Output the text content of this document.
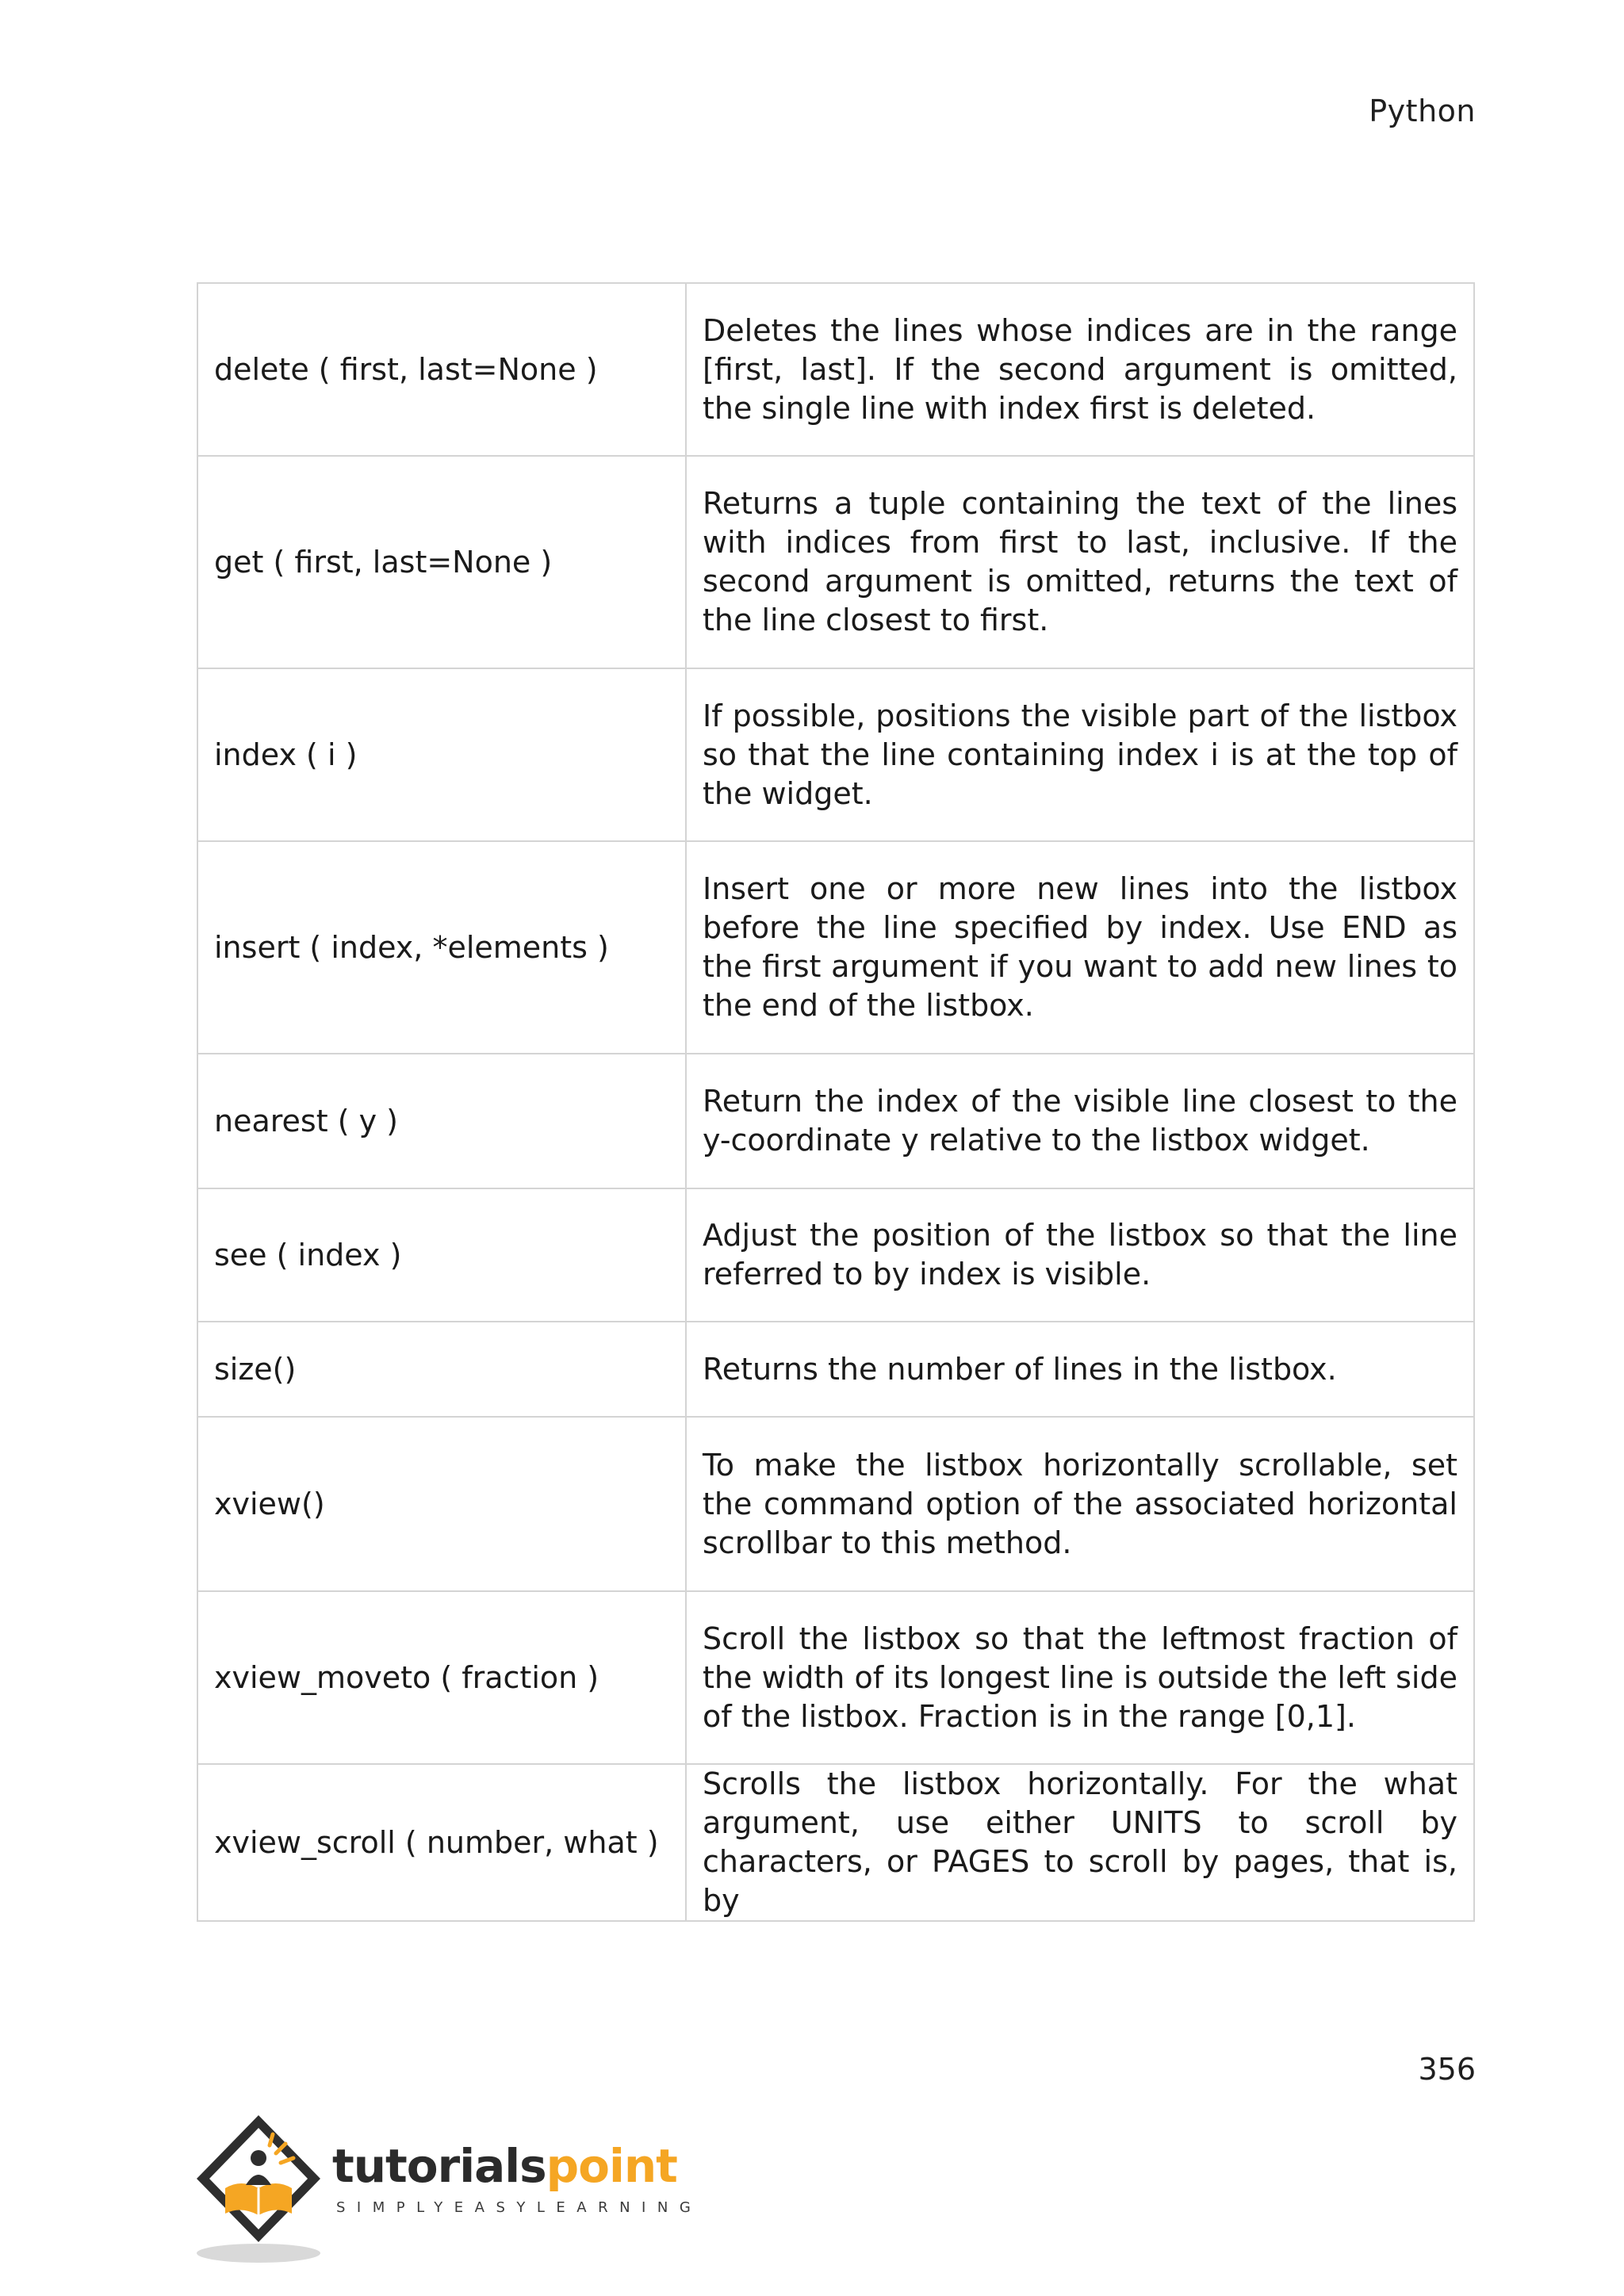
Python
delete ( first, last=None )	Deletes the lines whose indices are in the range [first, last]. If the second argument is omitted, the single line with index first is deleted.
get ( first, last=None )	Returns a tuple containing the text of the lines with indices from first to last, inclusive. If the second argument is omitted, returns the text of the line closest to first.
index ( i )	If possible, positions the visible part of the listbox so that the line containing index i is at the top of the widget.
insert ( index, *elements )	Insert one or more new lines into the listbox before the line specified by index. Use END as the first argument if you want to add new lines to the end of the listbox.
nearest ( y )	Return the index of the visible line closest to the y-coordinate y relative to the listbox widget.
see ( index )	Adjust the position of the listbox so that the line referred to by index is visible.
size()	Returns the number of lines in the listbox.
xview()	To make the listbox horizontally scrollable, set the command option of the associated horizontal scrollbar to this method.
xview_moveto ( fraction )	Scroll the listbox so that the leftmost fraction of the width of its longest line is outside the left side of the listbox. Fraction is in the range [0,1].
xview_scroll ( number, what )	Scrolls the listbox horizontally. For the what argument, use either UNITS to scroll by characters, or PAGES to scroll by pages, that is, by
356
tutorialspoint
SIMPLYEASYLEARNING
